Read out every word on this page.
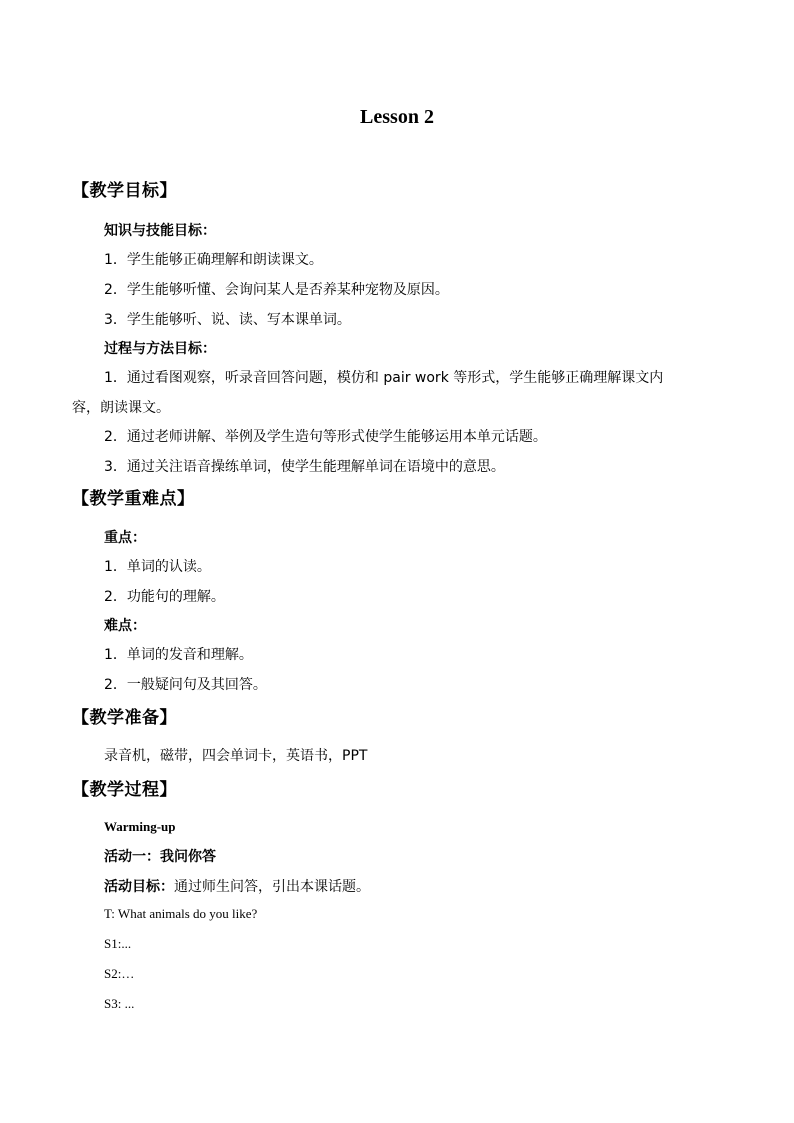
Lesson 2
【教学目标】
知识与技能目标：
1．学生能够正确理解和朗读课文。
2．学生能够听懂、会询问某人是否养某种宠物及原因。
3．学生能够听、说、读、写本课单词。
过程与方法目标：
1．通过看图观察，听录音回答问题，模仿和 pair work 等形式，学生能够正确理解课文内
容，朗读课文。
2．通过老师讲解、举例及学生造句等形式使学生能够运用本单元话题。
3．通过关注语音操练单词，使学生能理解单词在语境中的意思。
【教学重难点】
重点：
1．单词的认读。
2．功能句的理解。
难点：
1．单词的发音和理解。
2．一般疑问句及其回答。
【教学准备】
录音机，磁带，四会单词卡，英语书，PPT
【教学过程】
Warming-up
活动一：我问你答
活动目标：通过师生问答，引出本课话题。
T: What animals do you like?
S1:...
S2:…
S3: ...
